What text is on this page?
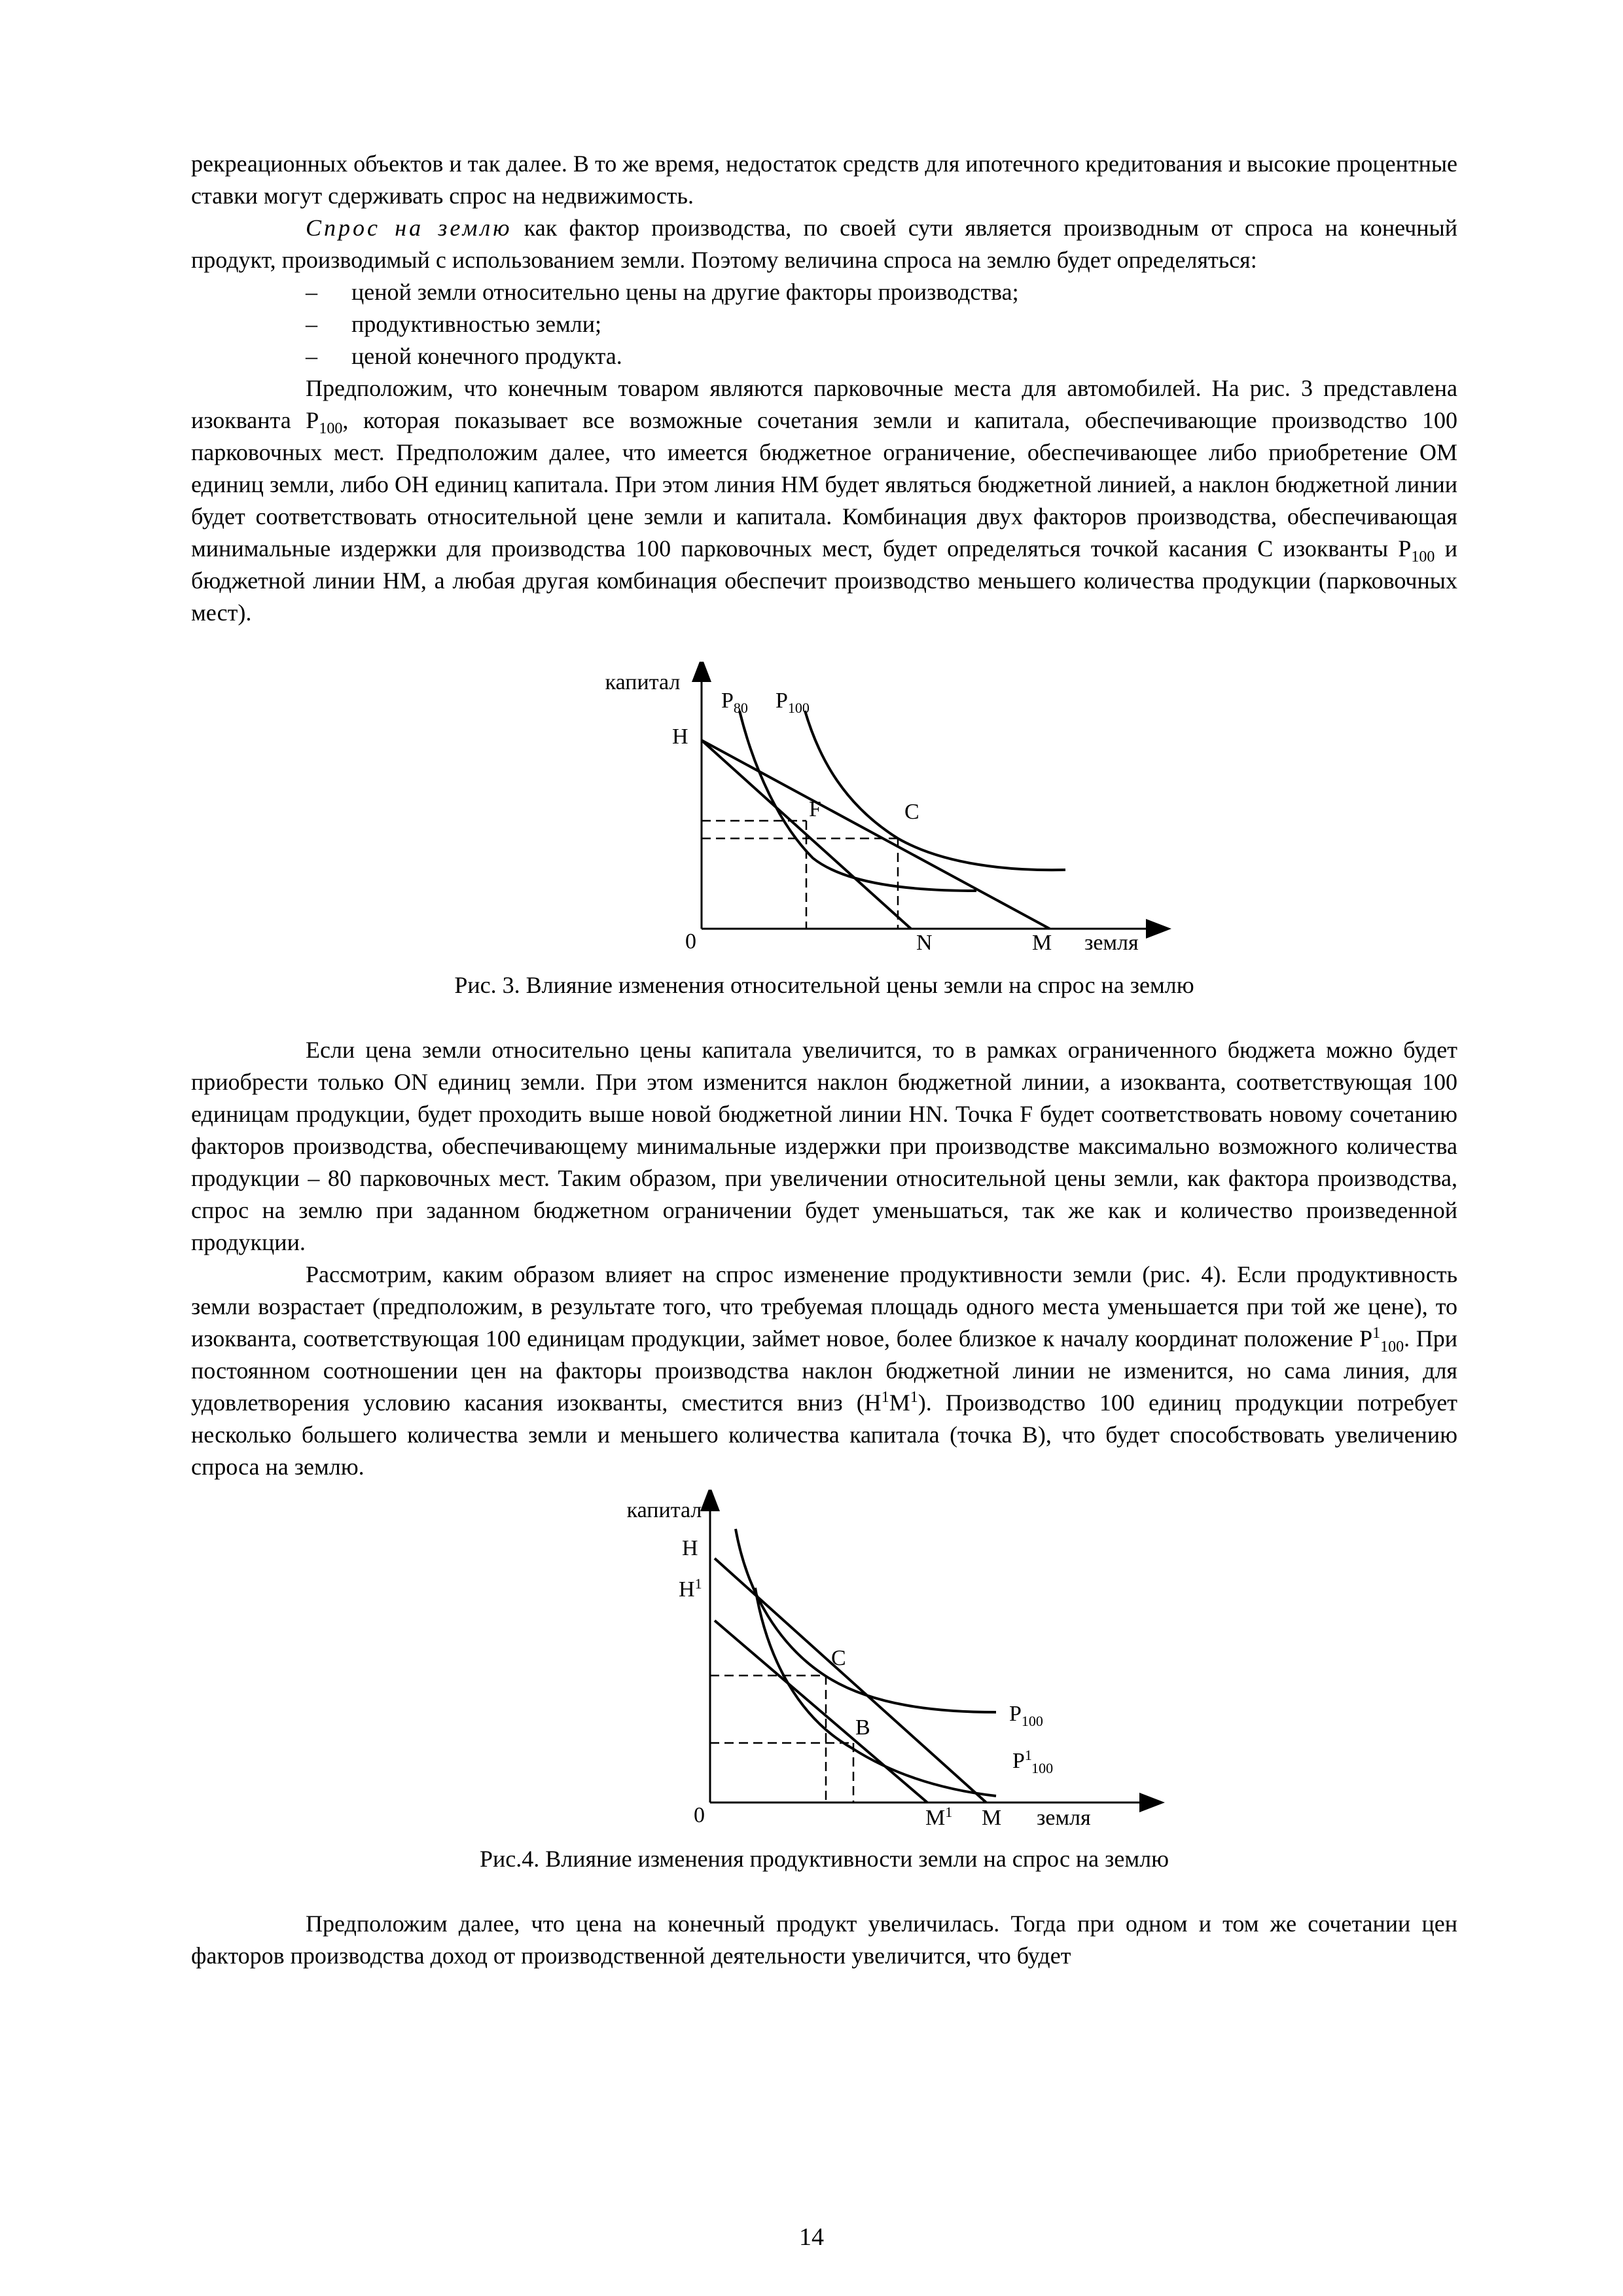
рекреационных объектов и так далее. В то же время, недостаток средств для ипотечного кредитования и высокие процентные ставки могут сдерживать спрос на недвижимость.

Спрос на землю как фактор производства, по своей сути является производным от спроса на конечный продукт, производимый с использованием земли. Поэтому величина спроса на землю будет определяться:

– ценой земли относительно цены на другие факторы производства;
– продуктивностью земли;
– ценой конечного продукта.

Предположим, что конечным товаром являются парковочные места для автомобилей. На рис. 3 представлена изокванта $P_{100}$, которая показывает все возможные сочетания земли и капитала, обеспечивающие производство 100 парковочных мест. Предположим далее, что имеется бюджетное ограничение, обеспечивающее либо приобретение OM единиц земли, либо OH единиц капитала. При этом линия HM будет являться бюджетной линией, а наклон бюджетной линии будет соответствовать относительной цене земли и капитала. Комбинация двух факторов производства, обеспечивающая минимальные издержки для производства 100 парковочных мест, будет определяться точкой касания C изокванты $P_{100}$ и бюджетной линии HM, а любая другая комбинация обеспечит производство меньшего количества продукции (парковочных мест).

капитал
$P_{80}$ $P_{100}$
H
F	C
0	N	M земля
Рис. 3. Влияние изменения относительной цены земли на спрос на землю

Если цена земли относительно цены капитала увеличится, то в рамках ограниченного бюджета можно будет приобрести только ON единиц земли. При этом изменится наклон бюджетной линии, а изокванта, соответствующая 100 единицам продукции, будет проходить выше новой бюджетной линии HN. Точка F будет соответствовать новому сочетанию факторов производства, обеспечивающему минимальные издержки при производстве максимально возможного количества продукции – 80 парковочных мест. Таким образом, при увеличении относительной цены земли, как фактора производства, спрос на землю при заданном бюджетном ограничении будет уменьшаться, так же как и количество произведенной продукции.

Рассмотрим, каким образом влияет на спрос изменение продуктивности земли (рис. 4). Если продуктивность земли возрастает (предположим, в результате того, что требуемая площадь одного места уменьшается при той же цене), то изокванта, соответствующая 100 единицам продукции, займет новое, более близкое к началу координат положение $P^1_{100}$. При постоянном соотношении цен на факторы производства наклон бюджетной линии не изменится, но сама линия, для удовлетворения условию касания изокванты, сместится вниз $(H^1M^1)$. Производство 100 единиц продукции потребует несколько большего количества земли и меньшего количества капитала (точка B), что будет способствовать увеличению спроса на землю.

капитал
H
$H^1$
C
B
$P_{100}$
$P^1_{100}$
0	$M^1$ M земля
Рис.4. Влияние изменения продуктивности земли на спрос на землю

Предположим далее, что цена на конечный продукт увеличилась. Тогда при одном и том же сочетании цен факторов производства доход от производственной деятельности увеличится, что будет

14
